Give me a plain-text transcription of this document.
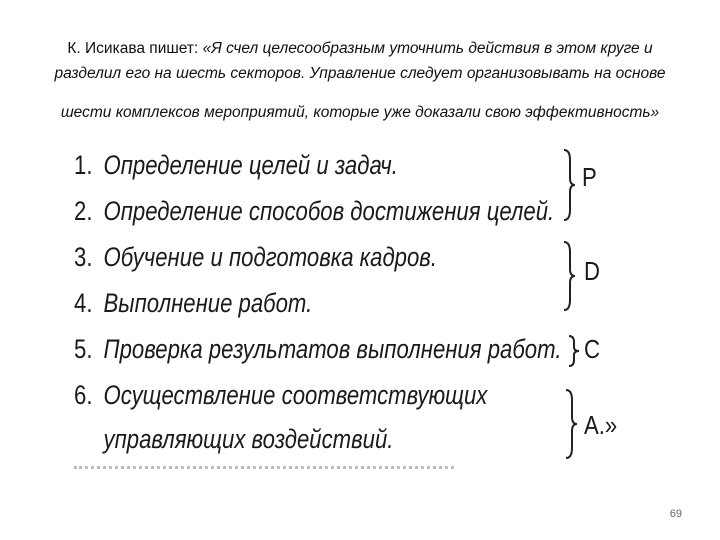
К. Исикава пишет: «Я счел целесообразным уточнить действия в этом круге и
разделил его на шесть секторов. Управление следует организовывать на основе
шести комплексов мероприятий, которые уже доказали свою эффективность»
1. Определение целей и задач.
2. Определение способов достижения целей.
3. Обучение и подготовка кадров.
4. Выполнение работ.
5. Проверка результатов выполнения работ.
6. Осуществление соответствующих
управляющих воздействий.
P
D
C
A.»
69
